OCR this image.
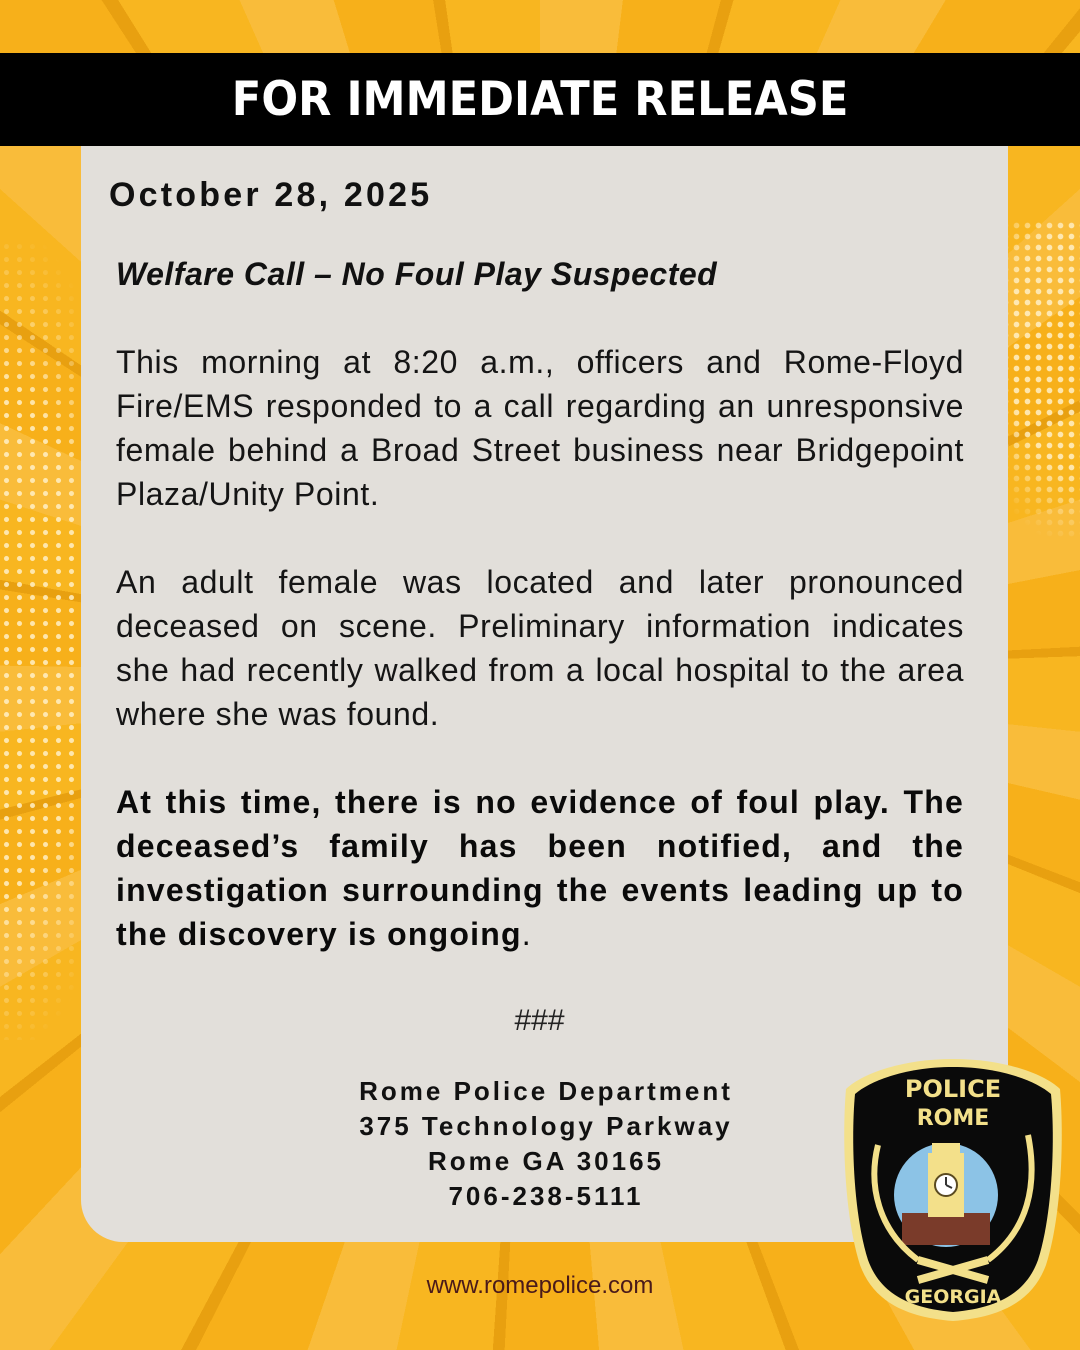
FOR IMMEDIATE RELEASE
October 28, 2025
Welfare Call – No Foul Play Suspected

This morning at 8:20 a.m., officers and Rome-Floyd Fire/EMS responded to a call regarding an unresponsive female behind a Broad Street business near Bridgepoint Plaza/Unity Point.

An adult female was located and later pronounced deceased on scene. Preliminary information indicates she had recently walked from a local hospital to the area where she was found.

At this time, there is no evidence of foul play. The deceased’s family has been notified, and the investigation surrounding the events leading up to the discovery is ongoing.

###
Rome Police Department
375 Technology Parkway
Rome GA 30165
706-238-5111
www.romepolice.com
POLICE
ROME
GEORGIA
